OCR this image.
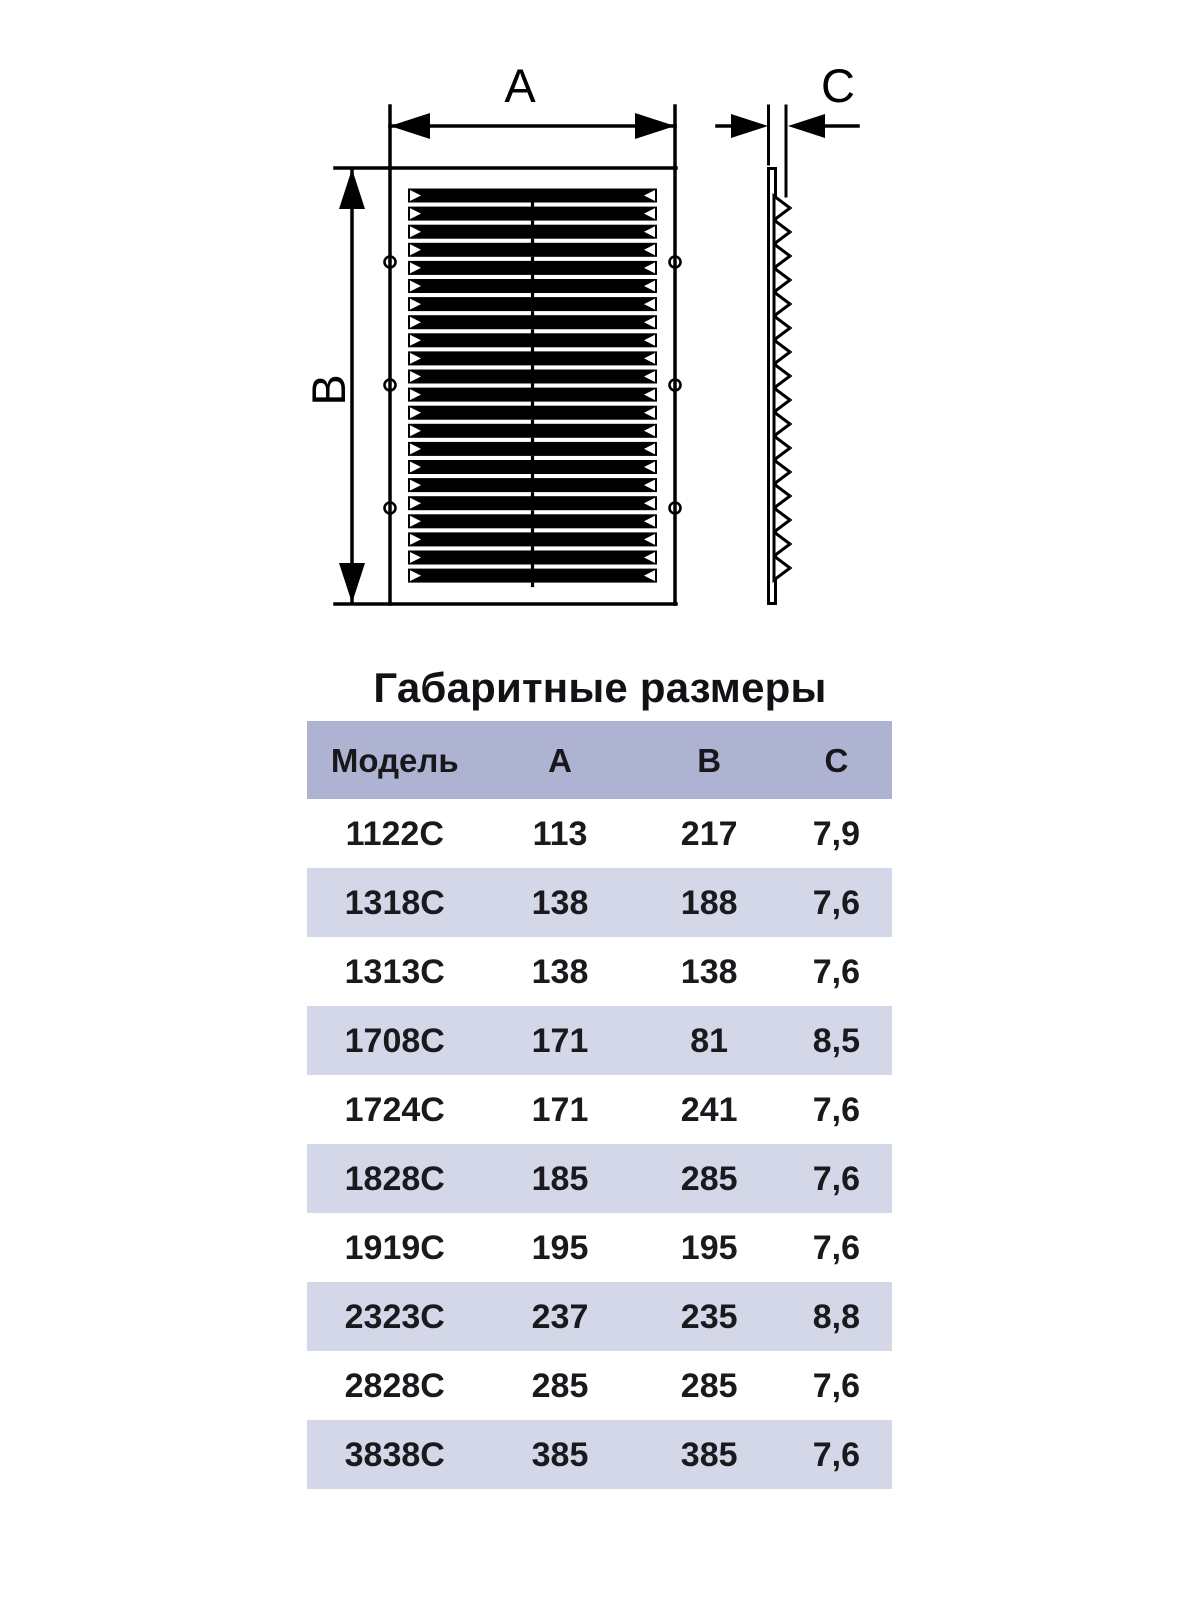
A
B
C
Габаритные размеры
Модель	A	B	C
1122C	113	217	7,9
1318C	138	188	7,6
1313C	138	138	7,6
1708C	171	81	8,5
1724C	171	241	7,6
1828C	185	285	7,6
1919C	195	195	7,6
2323C	237	235	8,8
2828C	285	285	7,6
3838C	385	385	7,6
